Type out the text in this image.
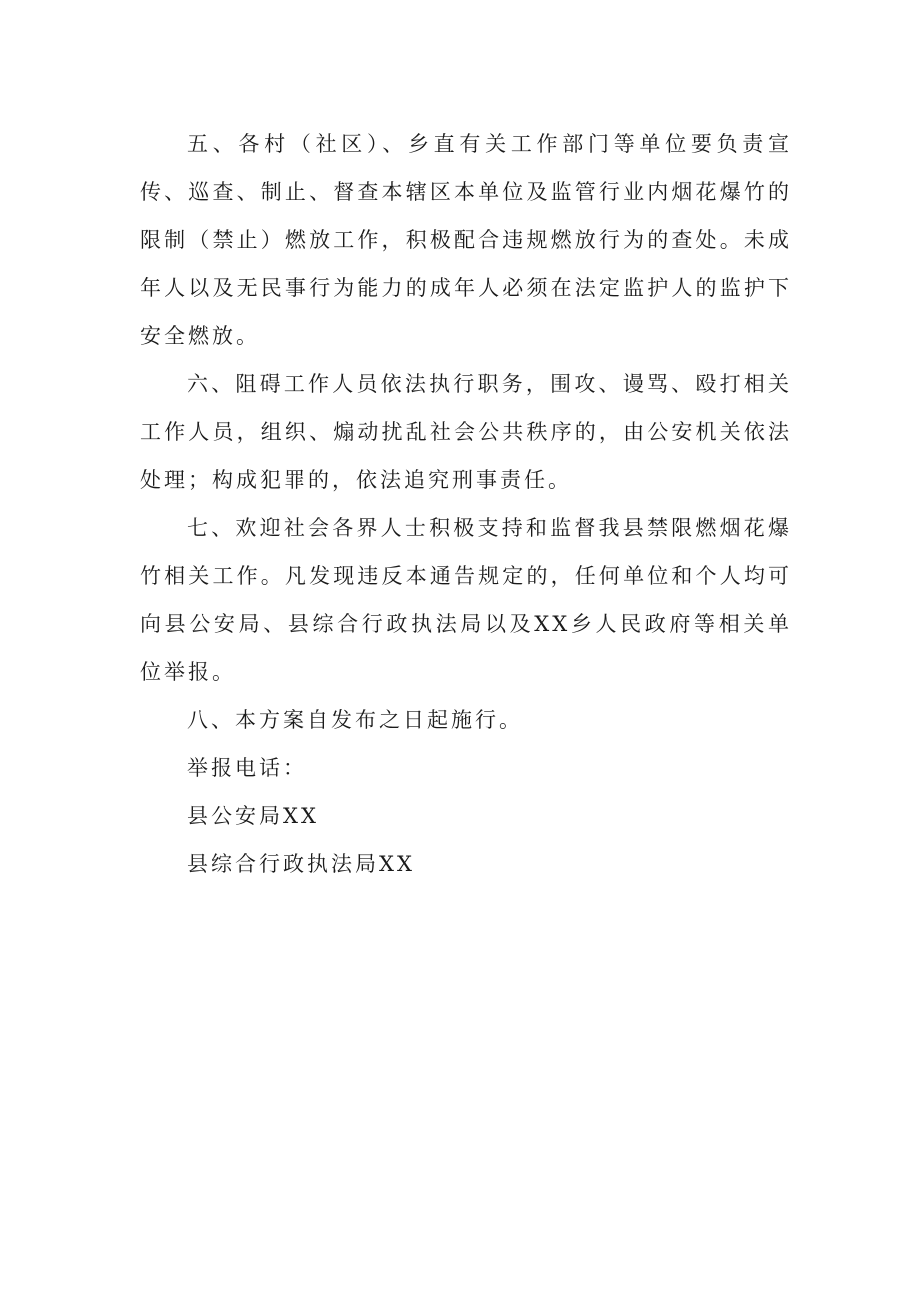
五、各村（社区）、乡直有关工作部门等单位要负责宣传、巡查、制止、督查本辖区本单位及监管行业内烟花爆竹的限制（禁止）燃放工作，积极配合违规燃放行为的查处。未成年人以及无民事行为能力的成年人必须在法定监护人的监护下安全燃放。

六、阻碍工作人员依法执行职务，围攻、谩骂、殴打相关工作人员，组织、煽动扰乱社会公共秩序的，由公安机关依法处理；构成犯罪的，依法追究刑事责任。

七、欢迎社会各界人士积极支持和监督我县禁限燃烟花爆竹相关工作。凡发现违反本通告规定的，任何单位和个人均可向县公安局、县综合行政执法局以及XX乡人民政府等相关单位举报。

八、本方案自发布之日起施行。

举报电话：

县公安局XX

县综合行政执法局XX
